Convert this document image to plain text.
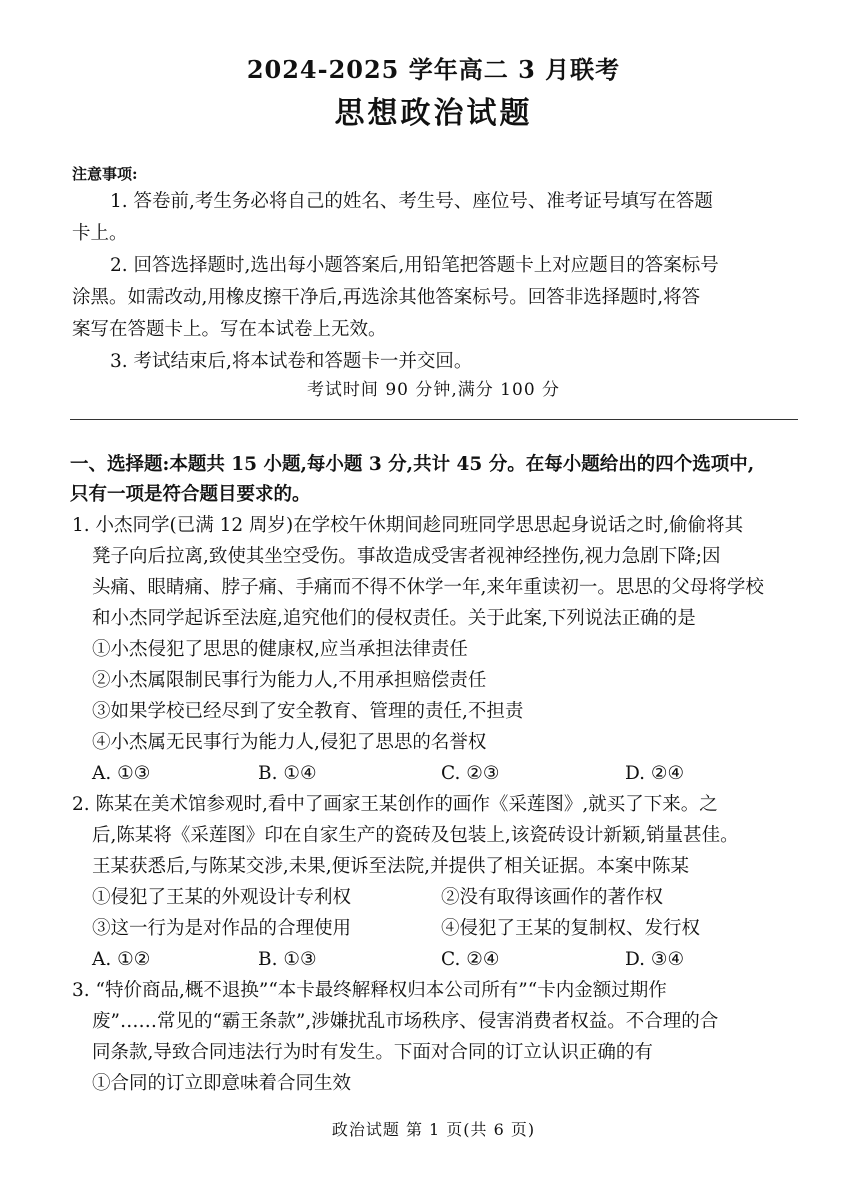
2024-2025 学年高二 3 月联考
思想政治试题
注意事项:
1. 答卷前,考生务必将自己的姓名、考生号、座位号、准考证号填写在答题
卡上。
2. 回答选择题时,选出每小题答案后,用铅笔把答题卡上对应题目的答案标号
涂黑。如需改动,用橡皮擦干净后,再选涂其他答案标号。回答非选择题时,将答
案写在答题卡上。写在本试卷上无效。
3. 考试结束后,将本试卷和答题卡一并交回。
考试时间 90 分钟,满分 100 分
一、选择题:本题共 15 小题,每小题 3 分,共计 45 分。在每小题给出的四个选项中,
只有一项是符合题目要求的。
1. 小杰同学(已满 12 周岁)在学校午休期间趁同班同学思思起身说话之时,偷偷将其
凳子向后拉离,致使其坐空受伤。事故造成受害者视神经挫伤,视力急剧下降;因
头痛、眼睛痛、脖子痛、手痛而不得不休学一年,来年重读初一。思思的父母将学校
和小杰同学起诉至法庭,追究他们的侵权责任。关于此案,下列说法正确的是
①小杰侵犯了思思的健康权,应当承担法律责任
②小杰属限制民事行为能力人,不用承担赔偿责任
③如果学校已经尽到了安全教育、管理的责任,不担责
④小杰属无民事行为能力人,侵犯了思思的名誉权
A. ①③	B. ①④	C. ②③	D. ②④
2. 陈某在美术馆参观时,看中了画家王某创作的画作《采莲图》,就买了下来。之
后,陈某将《采莲图》印在自家生产的瓷砖及包装上,该瓷砖设计新颖,销量甚佳。
王某获悉后,与陈某交涉,未果,便诉至法院,并提供了相关证据。本案中陈某
①侵犯了王某的外观设计专利权	②没有取得该画作的著作权
③这一行为是对作品的合理使用	④侵犯了王某的复制权、发行权
A. ①②	B. ①③	C. ②④	D. ③④
3. “特价商品,概不退换”“本卡最终解释权归本公司所有”“卡内金额过期作
废”……常见的“霸王条款”,涉嫌扰乱市场秩序、侵害消费者权益。不合理的合
同条款,导致合同违法行为时有发生。下面对合同的订立认识正确的有
①合同的订立即意味着合同生效
政治试题 第 1 页(共 6 页)
